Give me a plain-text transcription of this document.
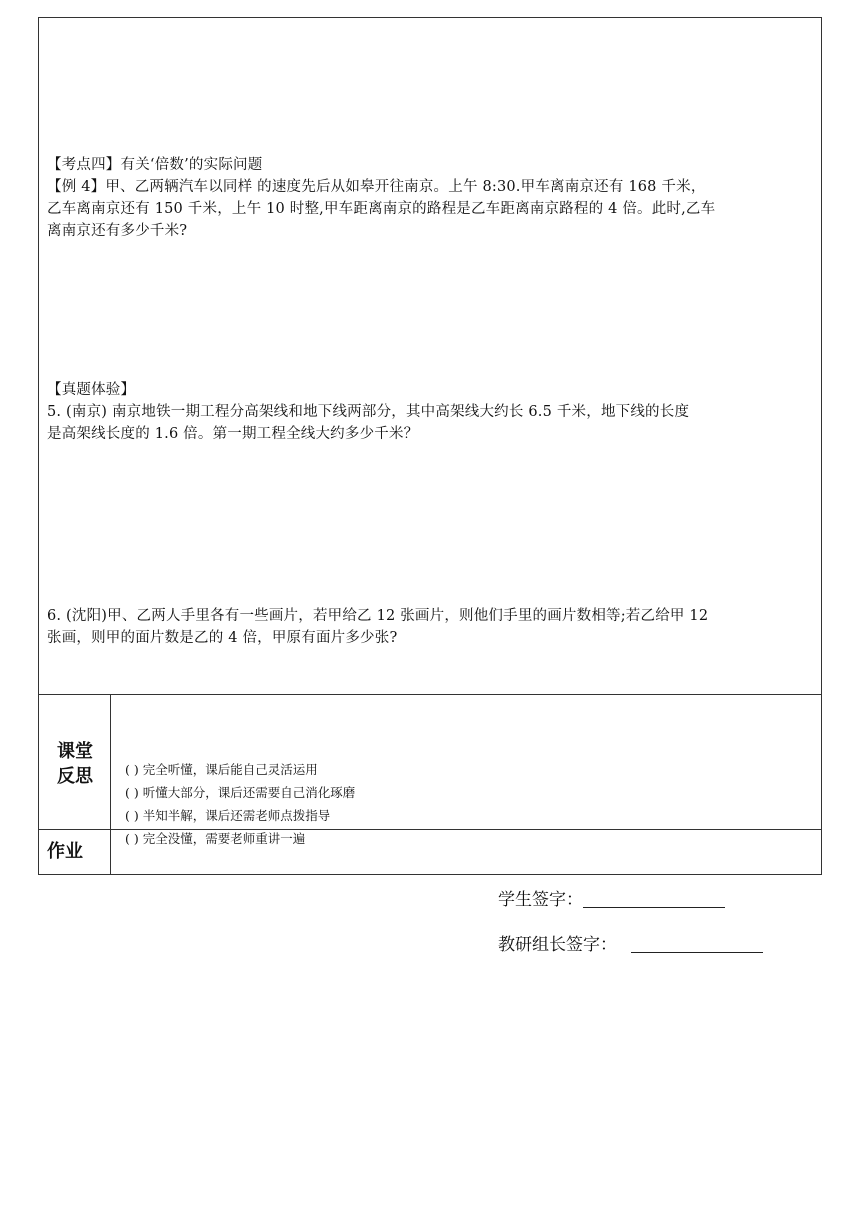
【考点四】有关‘倍数’的实际问题

【例 4】甲、乙两辆汽车以同样 的速度先后从如皋开往南京。上午 8:30.甲车离南京还有 168 千米，

乙车离南京还有 150 千米，上午 10 时整,甲车距离南京的路程是乙车距离南京路程的 4 倍。此时,乙车

离南京还有多少千米?

【真题体验】

5. (南京) 南京地铁一期工程分高架线和地下线两部分，其中高架线大约长 6.5 千米，地下线的长度

是高架线长度的 1.6 倍。第一期工程全线大约多少千米？

6. (沈阳)甲、乙两人手里各有一些画片，若甲给乙 12 张画片，则他们手里的画片数相等;若乙给甲 12

张画，则甲的面片数是乙的 4 倍，甲原有面片多少张?

课堂
反思	( ) 完全听懂，课后能自己灵活运用
( ) 听懂大部分，课后还需要自己消化琢磨
( ) 半知半解，课后还需老师点拨指导
( ) 完全没懂，需要老师重讲一遍
作业
学生签字：
教研组长签字：
